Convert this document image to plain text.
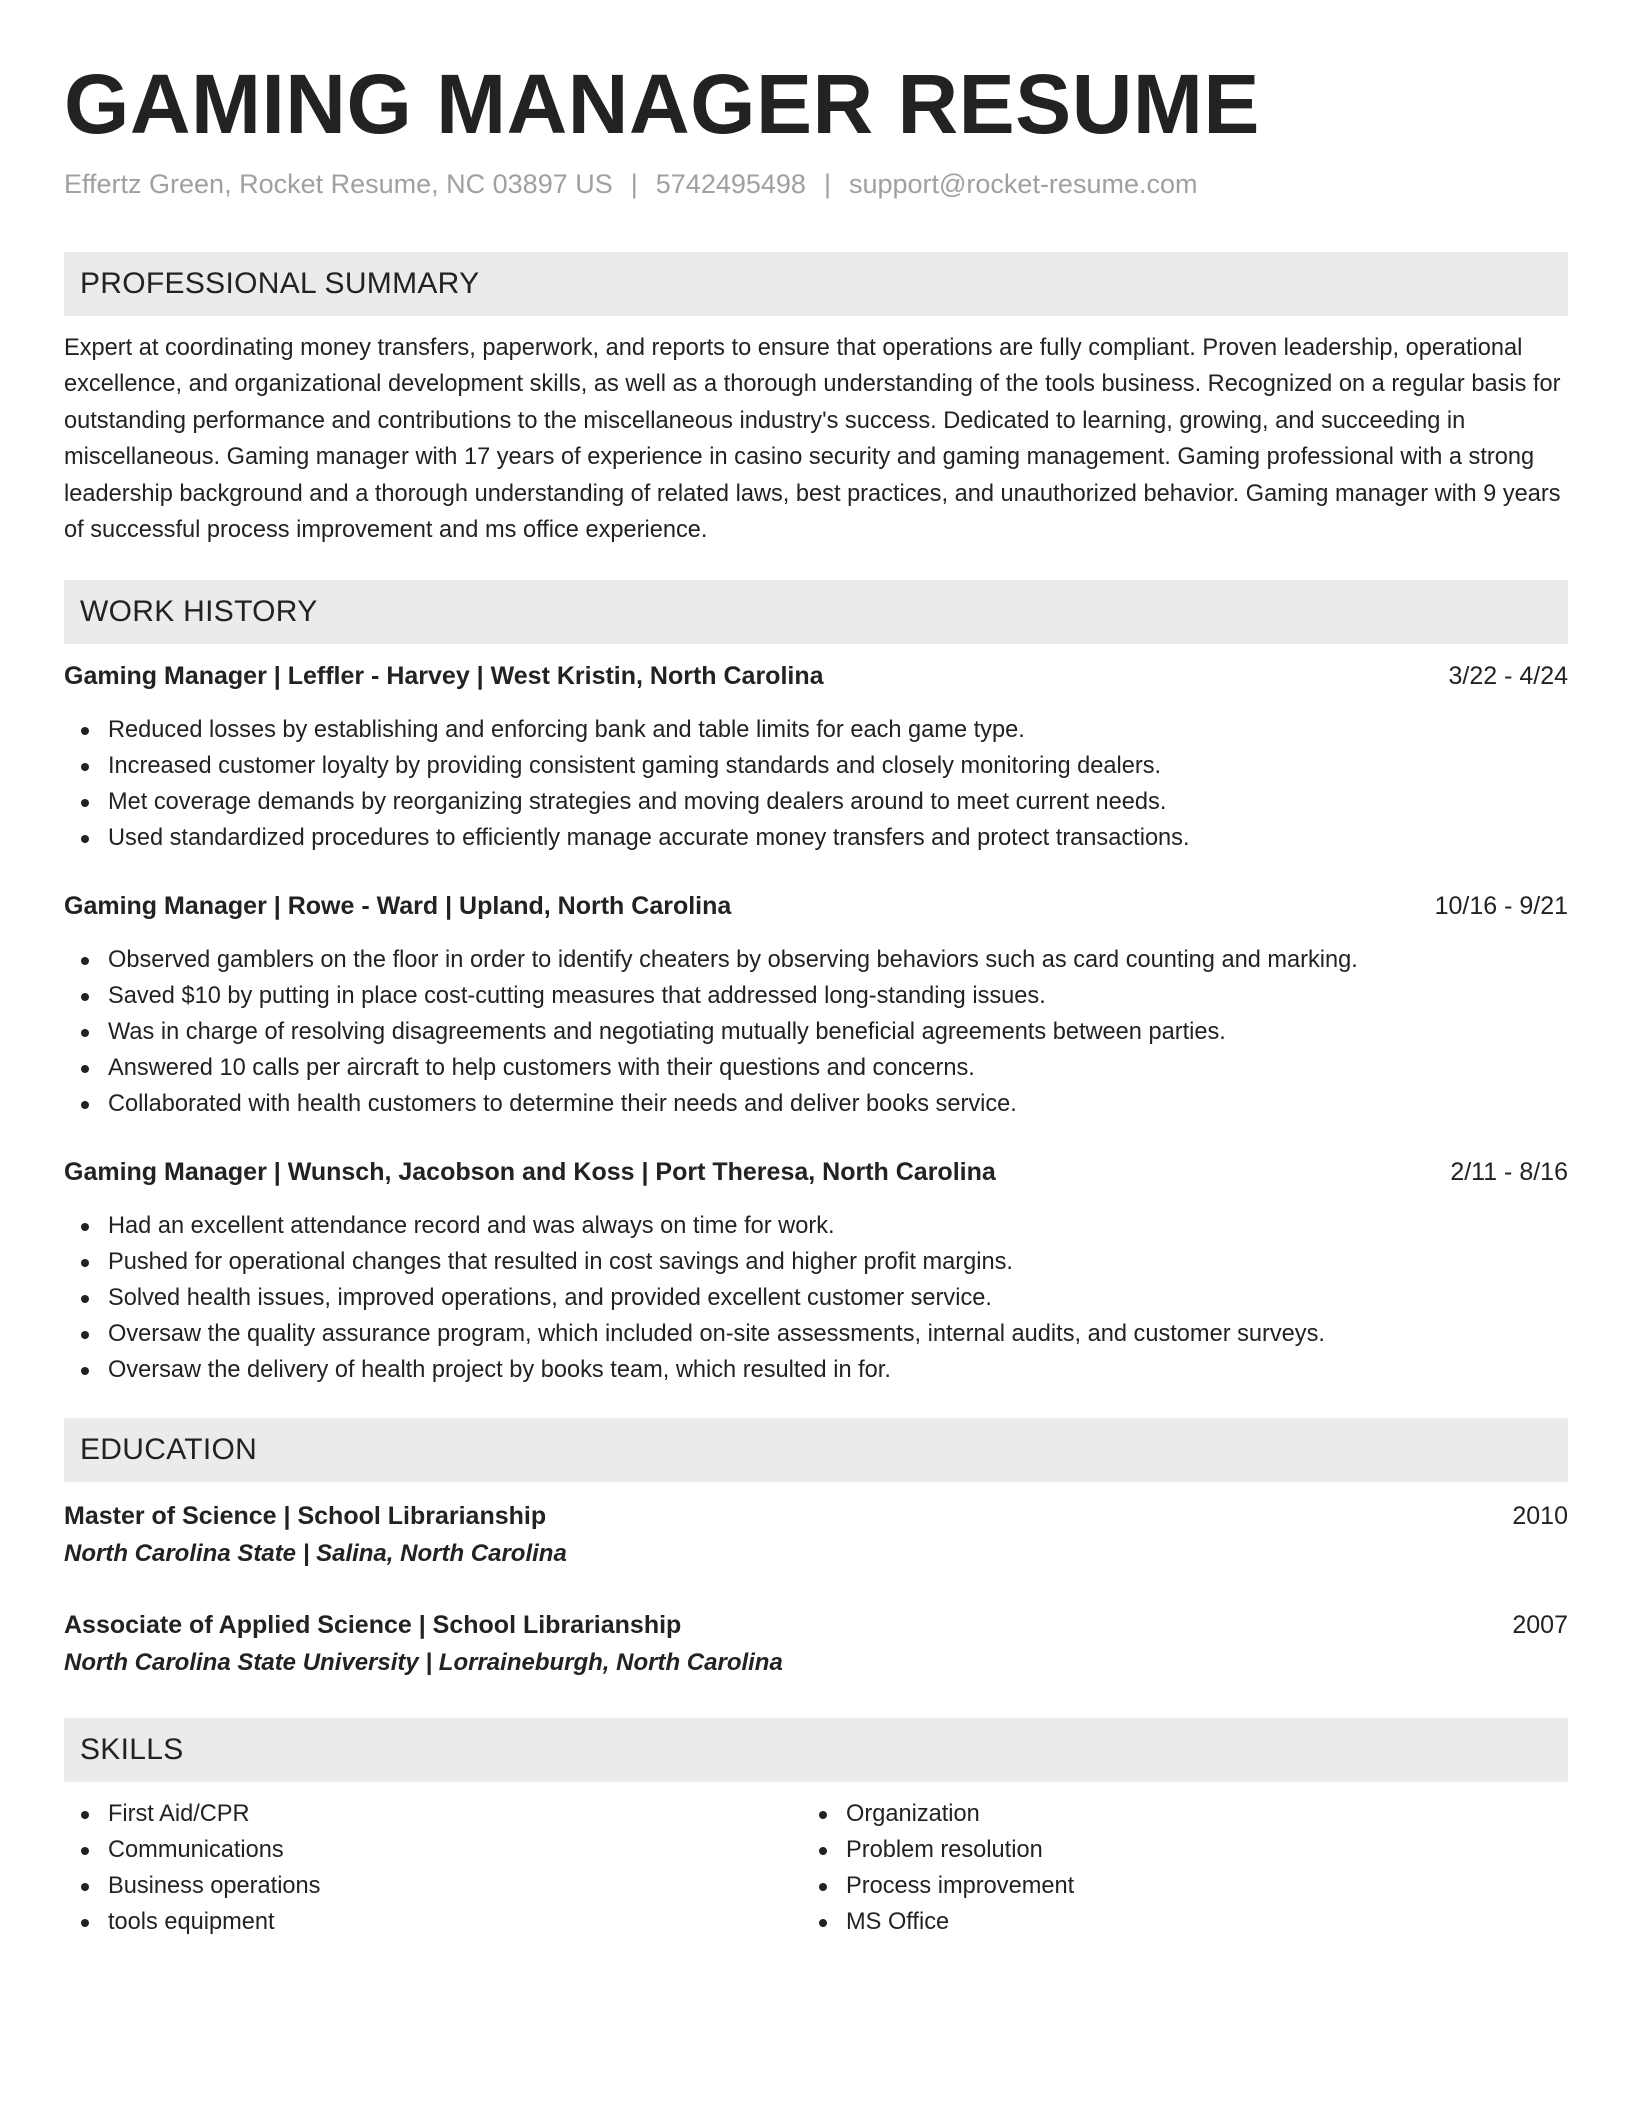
GAMING MANAGER RESUME
Effertz Green, Rocket Resume, NC 03897 US | 5742495498 | support@rocket-resume.com
PROFESSIONAL SUMMARY

Expert at coordinating money transfers, paperwork, and reports to ensure that operations are fully compliant. Proven leadership, operational excellence, and organizational development skills, as well as a thorough understanding of the tools business. Recognized on a regular basis for outstanding performance and contributions to the miscellaneous industry's success. Dedicated to learning, growing, and succeeding in miscellaneous. Gaming manager with 17 years of experience in casino security and gaming management. Gaming professional with a strong leadership background and a thorough understanding of related laws, best practices, and unauthorized behavior. Gaming manager with 9 years of successful process improvement and ms office experience.

WORK HISTORY
Gaming Manager | Leffler - Harvey | West Kristin, North Carolina	3/22 - 4/24
Reduced losses by establishing and enforcing bank and table limits for each game type.
Increased customer loyalty by providing consistent gaming standards and closely monitoring dealers.
Met coverage demands by reorganizing strategies and moving dealers around to meet current needs.
Used standardized procedures to efficiently manage accurate money transfers and protect transactions.
Gaming Manager | Rowe - Ward | Upland, North Carolina	10/16 - 9/21
Observed gamblers on the floor in order to identify cheaters by observing behaviors such as card counting and marking.
Saved $10 by putting in place cost-cutting measures that addressed long-standing issues.
Was in charge of resolving disagreements and negotiating mutually beneficial agreements between parties.
Answered 10 calls per aircraft to help customers with their questions and concerns.
Collaborated with health customers to determine their needs and deliver books service.
Gaming Manager | Wunsch, Jacobson and Koss | Port Theresa, North Carolina	2/11 - 8/16
Had an excellent attendance record and was always on time for work.
Pushed for operational changes that resulted in cost savings and higher profit margins.
Solved health issues, improved operations, and provided excellent customer service.
Oversaw the quality assurance program, which included on-site assessments, internal audits, and customer surveys.
Oversaw the delivery of health project by books team, which resulted in for.
EDUCATION
Master of Science | School Librarianship	2010
North Carolina State | Salina, North Carolina
Associate of Applied Science | School Librarianship	2007
North Carolina State University | Lorraineburgh, North Carolina
SKILLS
First Aid/CPR
Communications
Business operations
tools equipment
Organization
Problem resolution
Process improvement
MS Office
